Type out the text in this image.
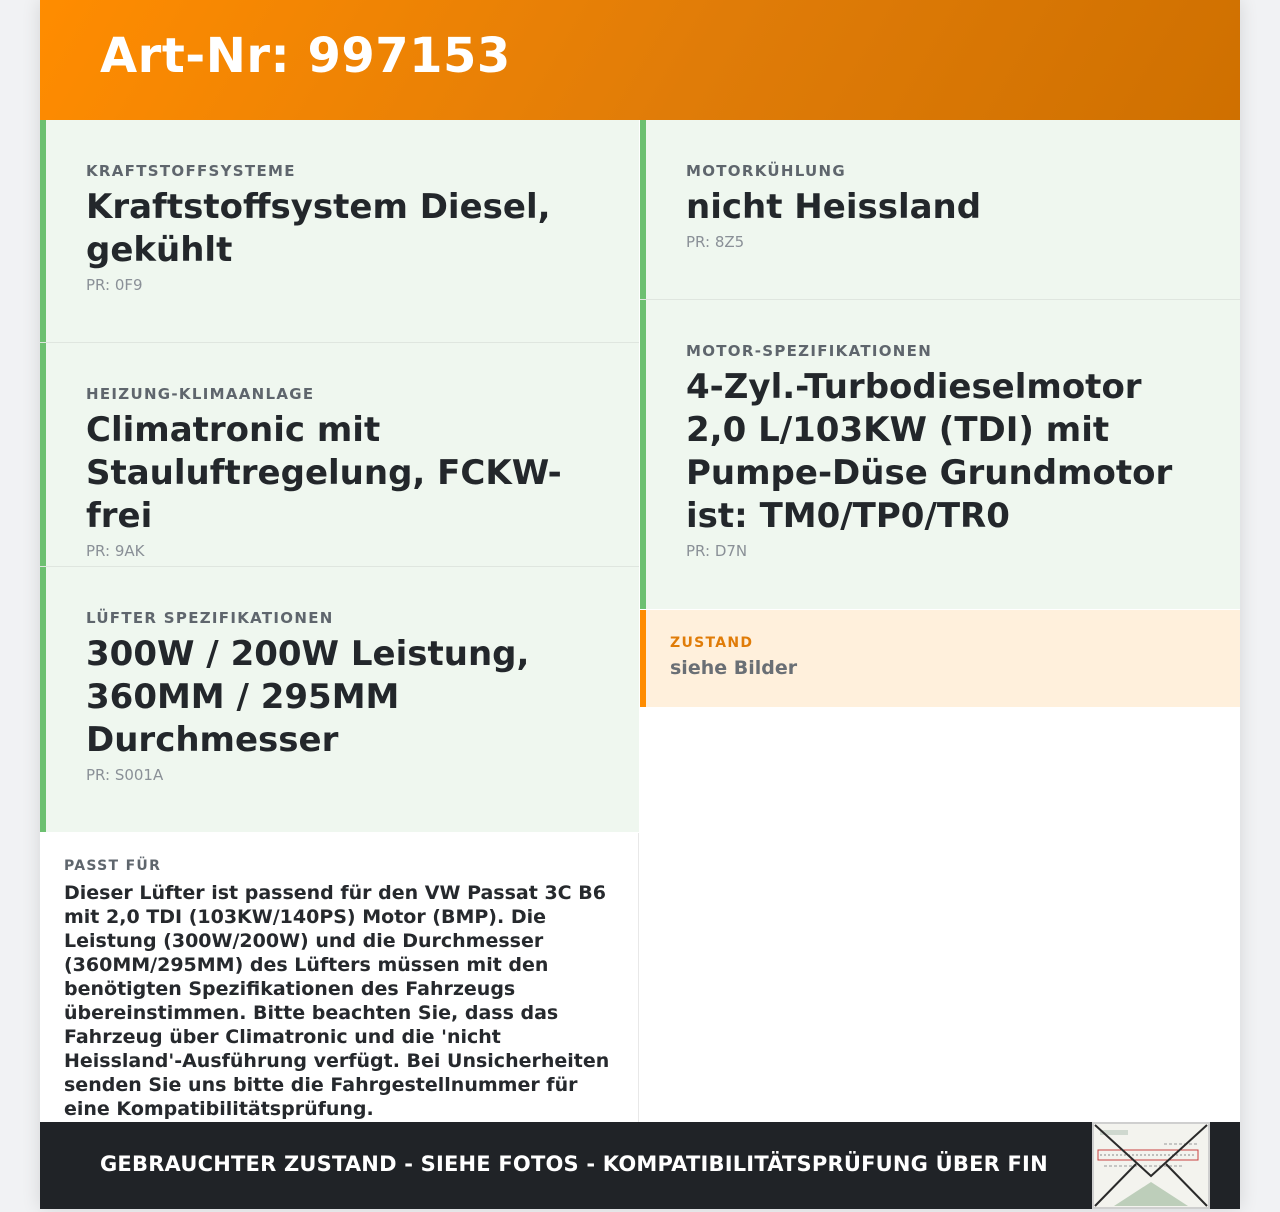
Art-Nr: 997153
KRAFTSTOFFSYSTEME
Kraftstoffsystem Diesel, gekühlt
PR: 0F9
HEIZUNG-KLIMAANLAGE
Climatronic mit Stauluftregelung, FCKW-frei
PR: 9AK
LÜFTER SPEZIFIKATIONEN
300W / 200W Leistung, 360MM / 295MM Durchmesser
PR: S001A
MOTORKÜHLUNG
nicht Heissland
PR: 8Z5
MOTOR-SPEZIFIKATIONEN
4-Zyl.-Turbodieselmotor 2,0 L/103KW (TDI) mit Pumpe-Düse Grundmotor ist: TM0/TP0/TR0
PR: D7N
ZUSTAND
siehe Bilder
PASST FÜR
Dieser Lüfter ist passend für den VW Passat 3C B6 mit 2,0 TDI (103KW/140PS) Motor (BMP). Die Leistung (300W/200W) und die Durchmesser (360MM/295MM) des Lüfters müssen mit den benötigten Spezifikationen des Fahrzeugs übereinstimmen. Bitte beachten Sie, dass das Fahrzeug über Climatronic und die 'nicht Heissland'-Ausführung verfügt. Bei Unsicherheiten senden Sie uns bitte die Fahrgestellnummer für eine Kompatibilitätsprüfung.
GEBRAUCHTER ZUSTAND - SIEHE FOTOS - KOMPATIBILITÄTSPRÜFUNG ÜBER FIN
